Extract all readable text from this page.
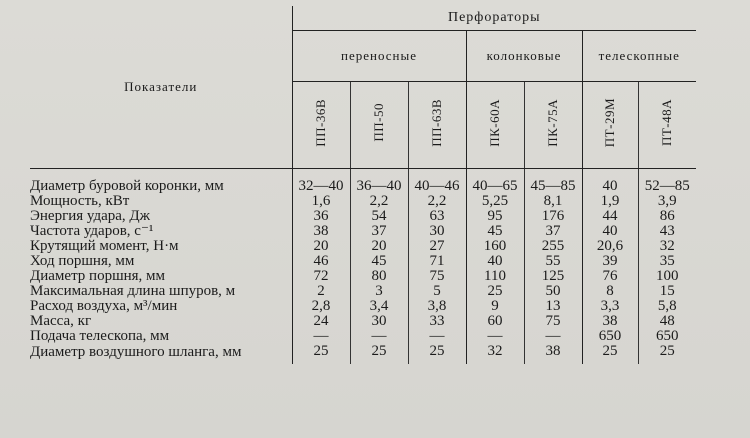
Показатели	Перфораторы						
	переносные			колонковые		телескопные	
	ПП-36В	ПП-50	ПП-63В	ПК-60А	ПК-75А	ПТ-29М	ПТ-48А
Диаметр буровой коронки, мм	32—40	36—40	40—46	40—65	45—85	40	52—85
Мощность, кВт	1,6	2,2	2,2	5,25	8,1	1,9	3,9
Энергия удара, Дж	36	54	63	95	176	44	86
Частота ударов, с⁻¹	38	37	30	45	37	40	43
Крутящий момент, Н·м	20	20	27	160	255	20,6	32
Ход поршня, мм	46	45	71	40	55	39	35
Диаметр поршня, мм	72	80	75	110	125	76	100
Максимальная длина шпуров, м	2	3	5	25	50	8	15
Расход воздуха, м³/мин	2,8	3,4	3,8	9	13	3,3	5,8
Масса, кг	24	30	33	60	75	38	48
Подача телескопа, мм	—	—	—	—	—	650	650
Диаметр воздушного шланга, мм	25	25	25	32	38	25	25
